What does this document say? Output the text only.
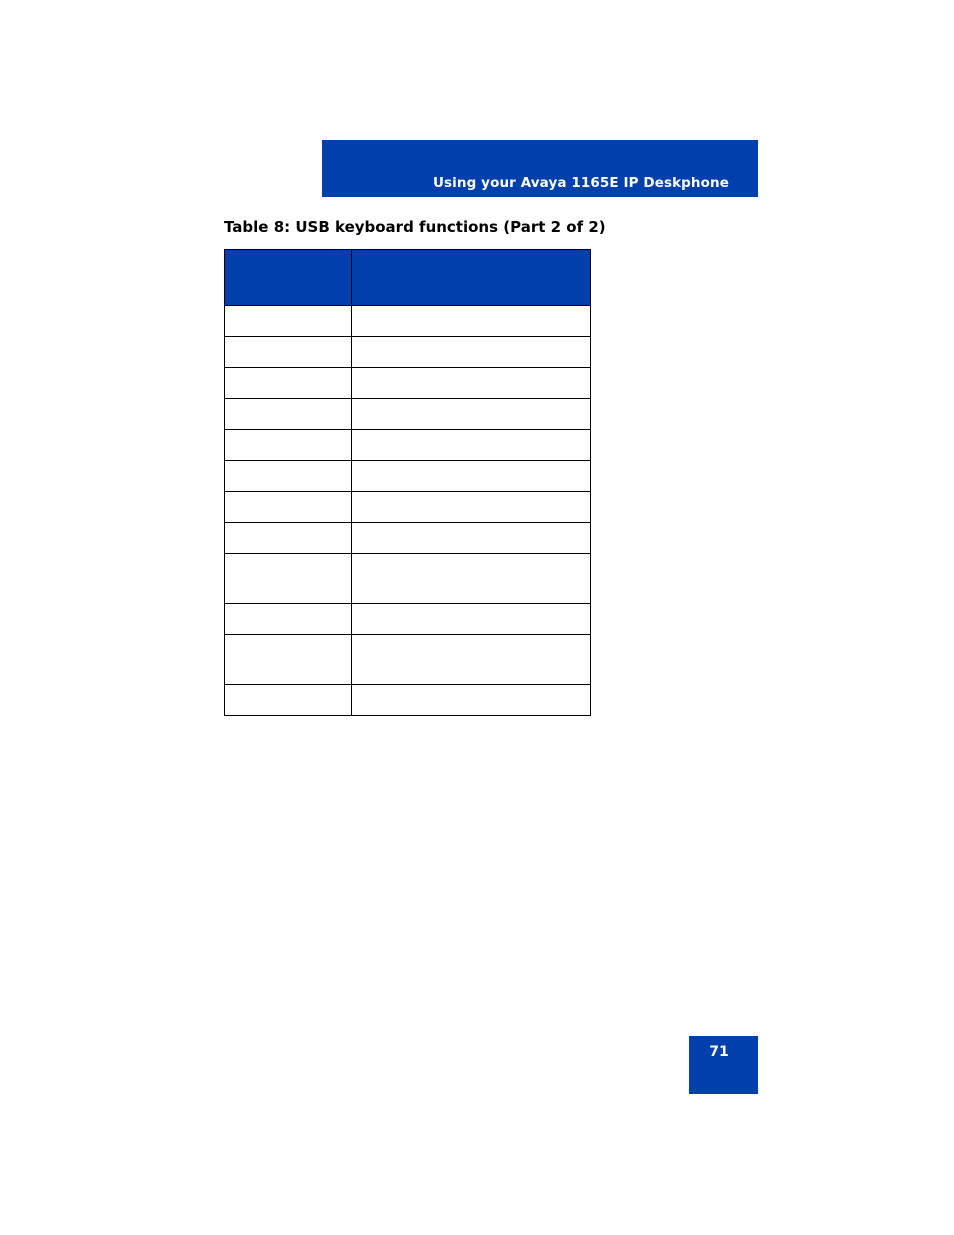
Using your Avaya 1165E IP Deskphone
Table 8: USB keyboard functions (Part 2 of 2)

71
